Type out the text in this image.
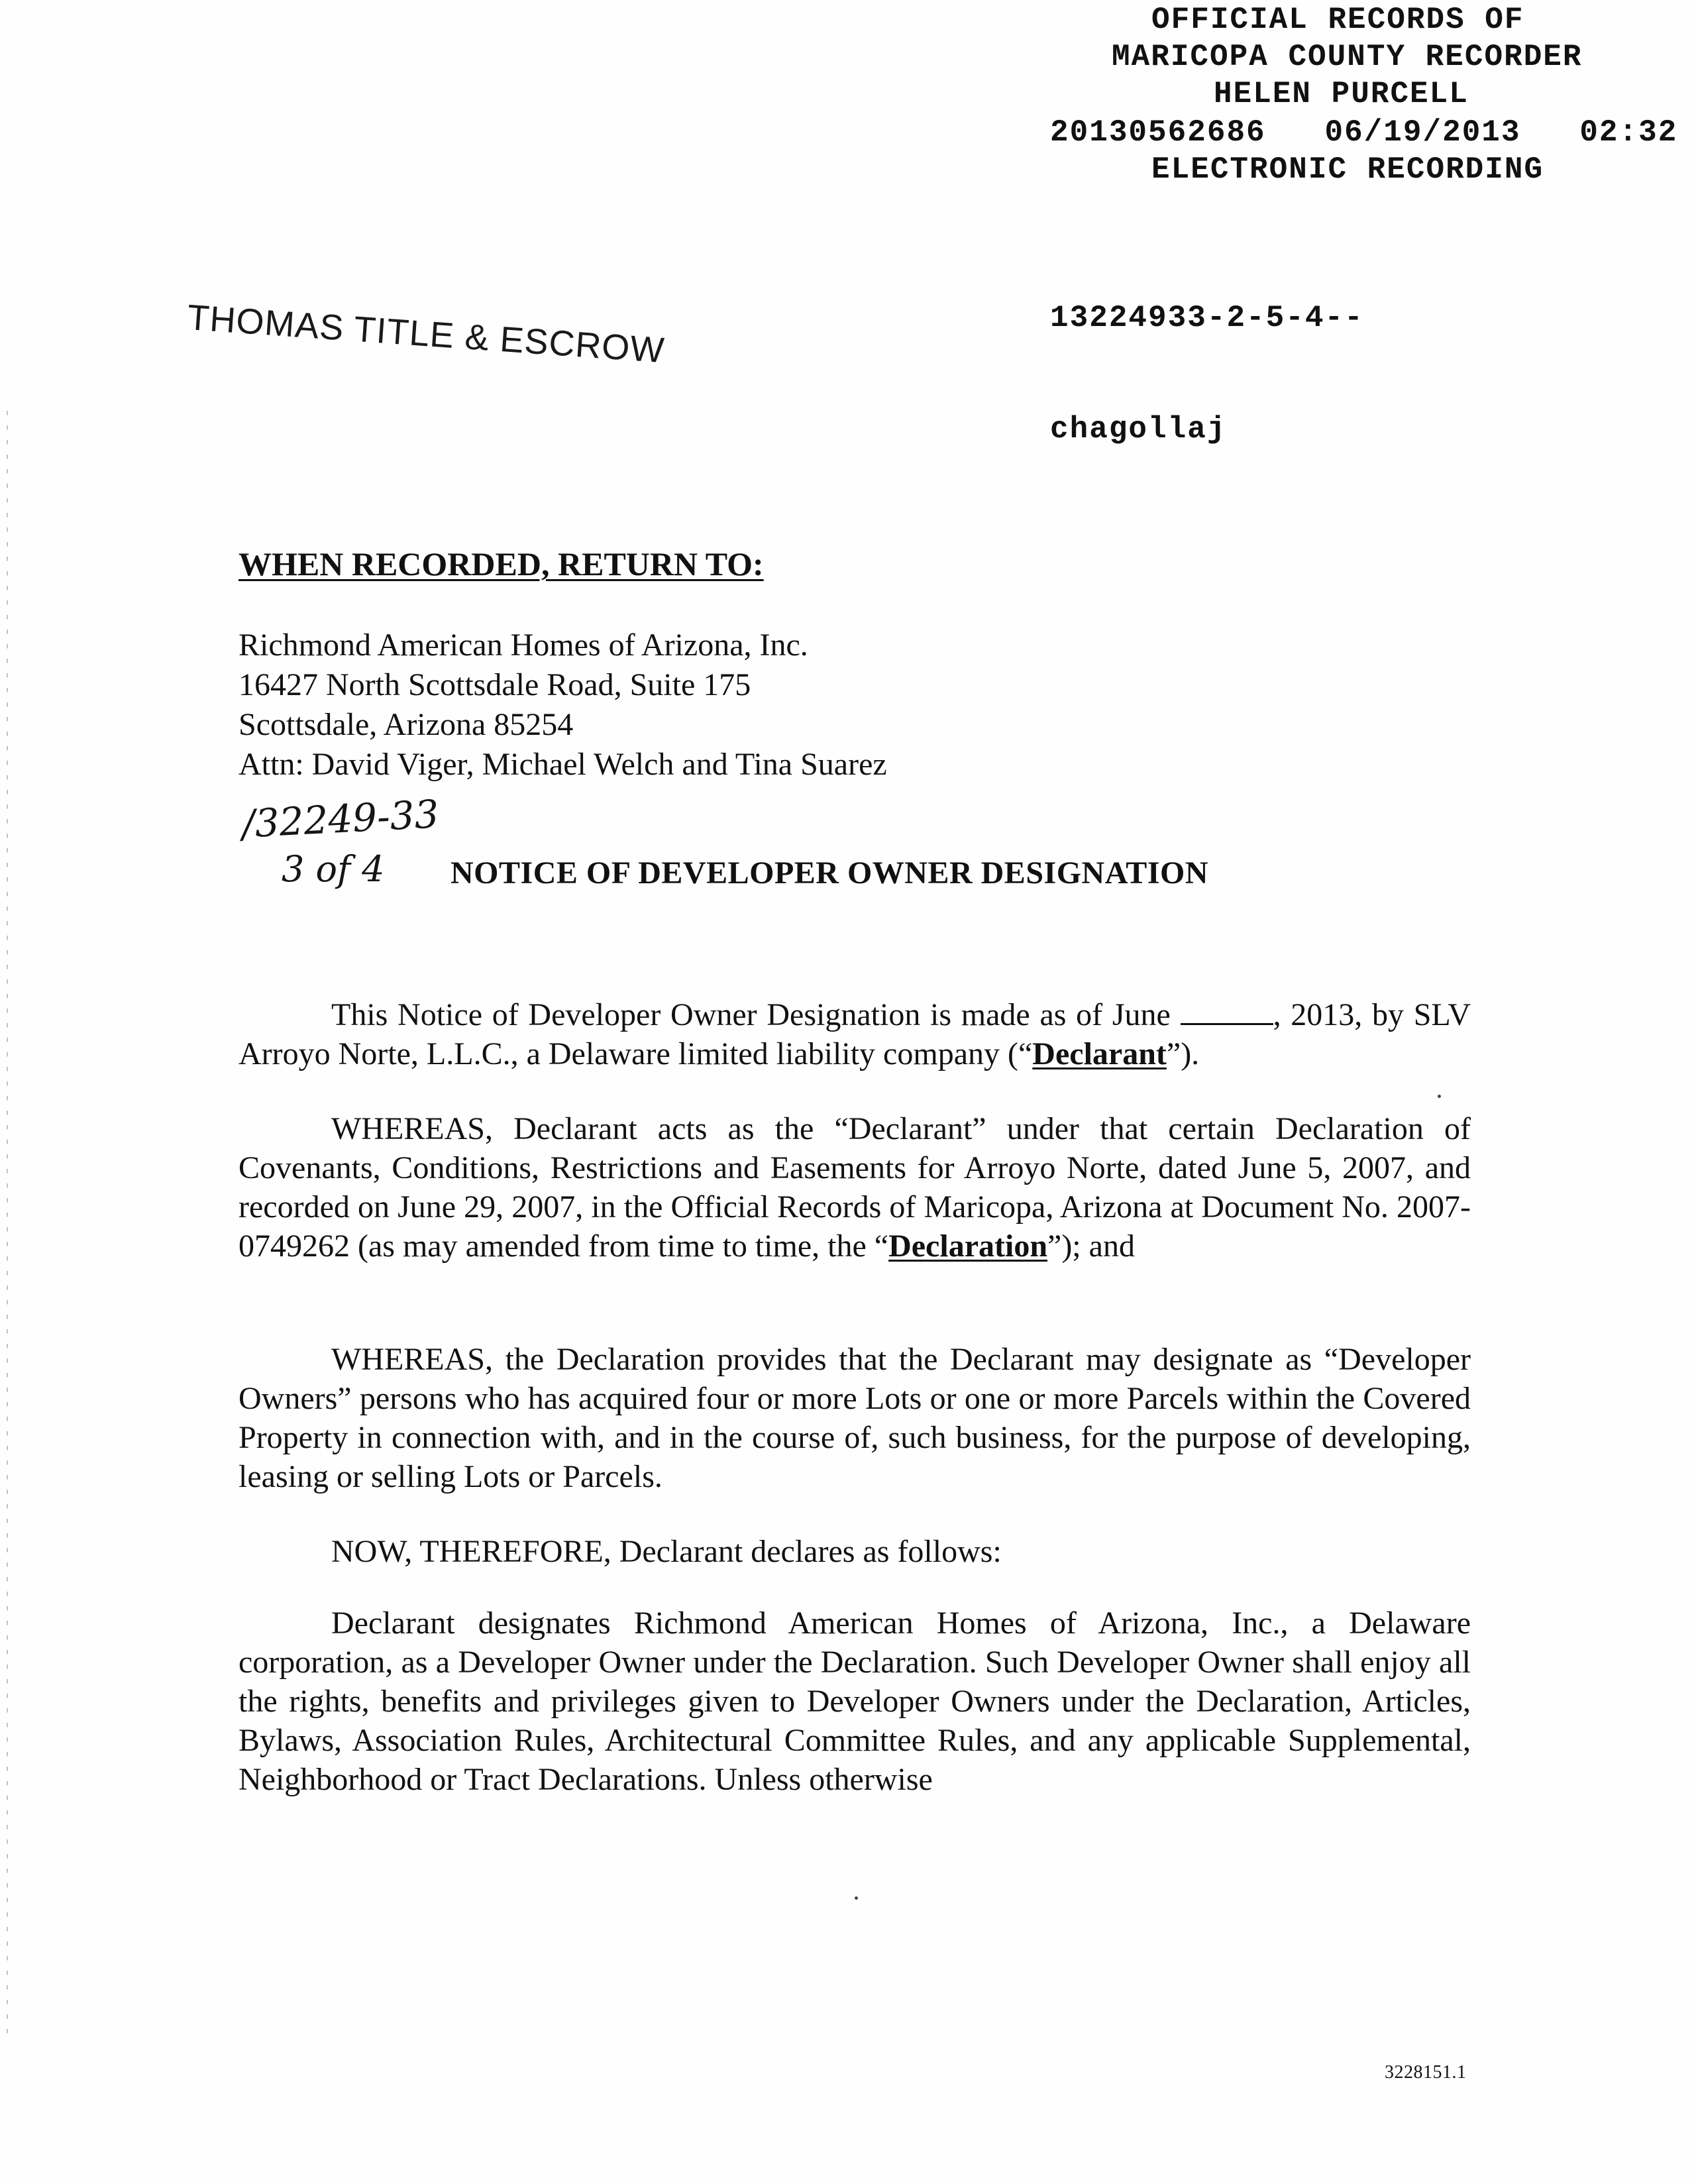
OFFICIAL RECORDS OF
MARICOPA COUNTY RECORDER
HELEN PURCELL
20130562686   06/19/2013   02:32
ELECTRONIC RECORDING

13224933-2-5-4--

chagollaj

THOMAS TITLE & ESCROW
WHEN RECORDED, RETURN TO:
Richmond American Homes of Arizona, Inc.
16427 North Scottsdale Road, Suite 175
Scottsdale, Arizona 85254
Attn: David Viger, Michael Welch and Tina Suarez
/32249-33
3 of 4 NOTICE OF DEVELOPER OWNER DESIGNATION
This Notice of Developer Owner Designation is made as of June	, 2013, by SLV Arroyo Norte, L.L.C., a Delaware limited liability company (“Declarant”).
WHEREAS, Declarant acts as the “Declarant” under that certain Declaration of Covenants, Conditions, Restrictions and Easements for Arroyo Norte, dated June 5, 2007, and recorded on June 29, 2007, in the Official Records of Maricopa, Arizona at Document No. 2007-0749262 (as may amended from time to time, the “Declaration”); and
WHEREAS, the Declaration provides that the Declarant may designate as “Developer Owners” persons who has acquired four or more Lots or one or more Parcels within the Covered Property in connection with, and in the course of, such business, for the purpose of developing, leasing or selling Lots or Parcels.
NOW, THEREFORE, Declarant declares as follows:
Declarant designates Richmond American Homes of Arizona, Inc., a Delaware corporation, as a Developer Owner under the Declaration. Such Developer Owner shall enjoy all the rights, benefits and privileges given to Developer Owners under the Declaration, Articles, Bylaws, Association Rules, Architectural Committee Rules, and any applicable Supplemental, Neighborhood or Tract Declarations. Unless otherwise
3228151.1
